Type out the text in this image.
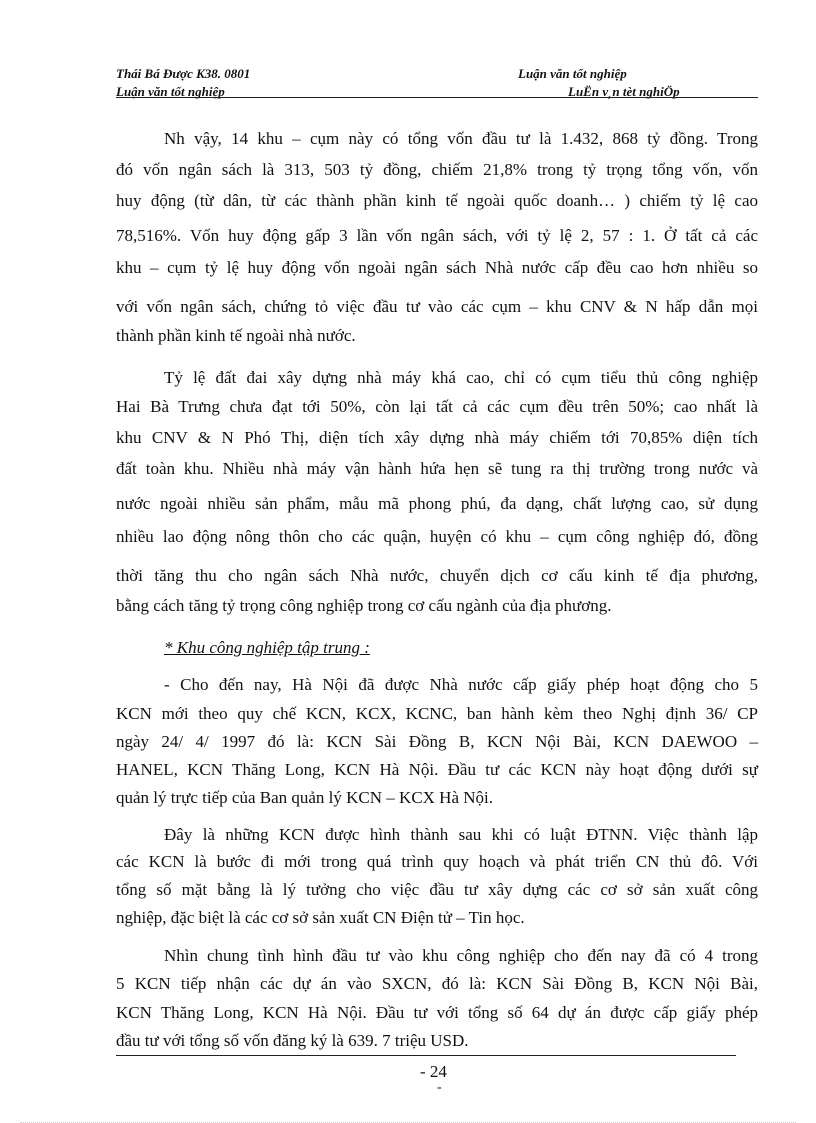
Thái Bá Được K38. 0801
Luận văn tốt nghiệp
Luận văn tốt nghiệp
LuËn v¸n tèt nghiÖp
Nh vậy, 14 khu – cụm này có tổng vốn đầu tư là 1.432, 868 tỷ đồng. Trong
đó vốn ngân sách là 313, 503 tỷ đồng, chiếm 21,8% trong tỷ trọng tổng vốn, vốn
huy động (từ dân, từ các thành phần kinh tế ngoài quốc doanh… ) chiếm tỷ lệ cao
78,516%. Vốn huy động gấp 3 lần vốn ngân sách, với tỷ lệ 2, 57 : 1. Ở tất cả các
khu – cụm tỷ lệ huy động vốn ngoài ngân sách Nhà nước cấp đều cao hơn nhiều so
với vốn ngân sách, chứng tỏ việc đầu tư vào các cụm – khu CNV & N hấp dẫn mọi
thành phần kinh tế ngoài nhà nước.
Tỷ lệ đất đai xây dựng nhà máy khá cao, chỉ có cụm tiểu thủ công nghiệp
Hai Bà Trưng chưa đạt tới 50%, còn lại tất cả các cụm đều trên 50%; cao nhất là
khu CNV & N Phó Thị, diện tích xây dựng nhà máy chiếm tới 70,85% diện tích
đất toàn khu. Nhiều nhà máy vận hành hứa hẹn sẽ tung ra thị trường trong nước và
nước ngoài nhiều sản phẩm, mẫu mã phong phú, đa dạng, chất lượng cao, sử dụng
nhiều lao động nông thôn cho các quận, huyện có khu – cụm công nghiệp đó, đồng
thời tăng thu cho ngân sách Nhà nước, chuyển dịch cơ cấu kinh tế địa phương,
bằng cách tăng tỷ trọng công nghiệp trong cơ cấu ngành của địa phương.
* Khu công nghiệp tập trung :
- Cho đến nay, Hà Nội đã được Nhà nước cấp giấy phép hoạt động cho 5
KCN mới theo quy chế KCN, KCX, KCNC, ban hành kèm theo Nghị định 36/ CP
ngày 24/ 4/ 1997 đó là: KCN Sài Đồng B, KCN Nội Bài, KCN DAEWOO –
HANEL, KCN Thăng Long, KCN Hà Nội. Đầu tư các KCN này hoạt động dưới sự
quản lý trực tiếp của Ban quản lý KCN – KCX Hà Nội.
Đây là những KCN được hình thành sau khi có luật ĐTNN. Việc thành lập
các KCN là bước đi mới trong quá trình quy hoạch và phát triển CN thủ đô. Với
tổng số mặt bằng là lý tưởng cho việc đầu tư xây dựng các cơ sở sản xuất công
nghiệp, đặc biệt là các cơ sở sản xuất CN Điện tử – Tin học.
Nhìn chung tình hình đầu tư vào khu công nghiệp cho đến nay đã có 4 trong
5 KCN tiếp nhận các dự án vào SXCN, đó là: KCN Sài Đồng B, KCN Nội Bài,
KCN Thăng Long, KCN Hà Nội. Đầu tư với tổng số 64 dự án được cấp giấy phép
đầu tư với tổng số vốn đăng ký là 639. 7 triệu USD.
- 24
-
